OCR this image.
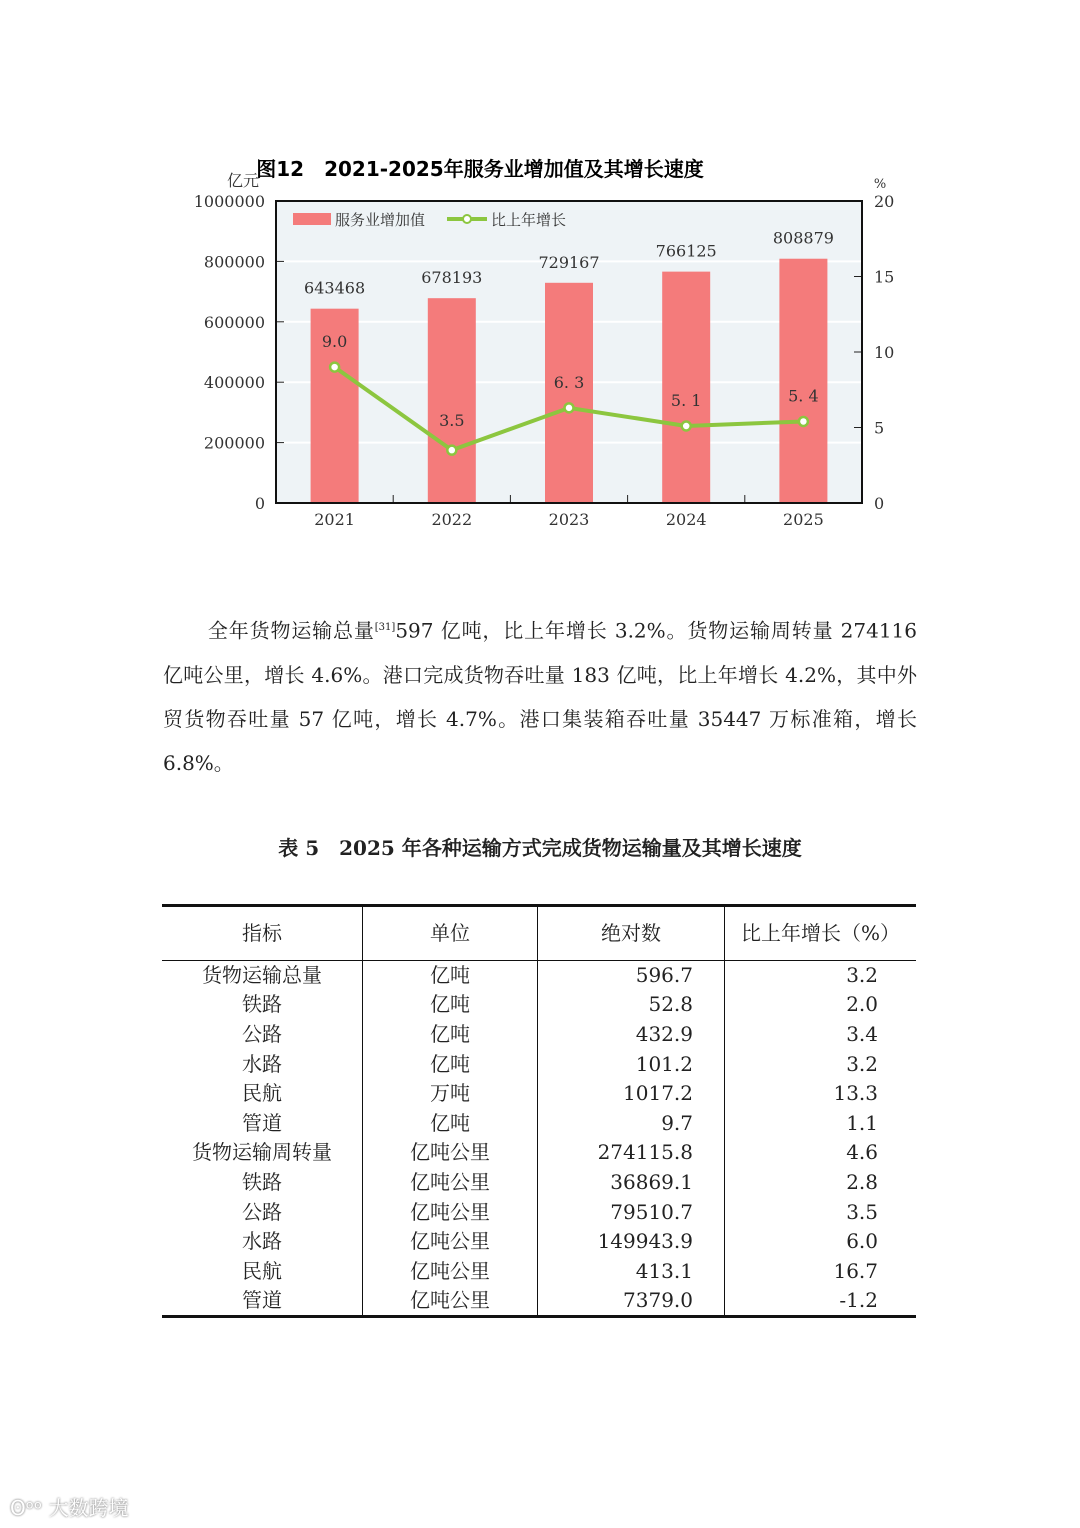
图12　2021-2025年服务业增加值及其增长速度
亿元	%
0
200000
400000
600000
800000
1000000
0
5
10
15
20
643468
2021
678193
2022
729167
2023
766125
2024
808879
2025
9.0
3.5
6. 3
5. 1	5. 4
服务业增加值	比上年增长
全年货物运输总量[31]597 亿吨，比上年增长 3.2%。货物运输周转量 274116 亿吨公里，增长 4.6%。港口完成货物吞吐量 183 亿吨，比上年增长 4.2%，其中外贸货物吞吐量 57 亿吨，增长 4.7%。港口集装箱吞吐量 35447 万标准箱，增长 6.8%。
表 5　2025 年各种运输方式完成货物运输量及其增长速度
指标	单位	绝对数	比上年增长（%）
货物运输总量	亿吨	596.7	3.2
铁路	亿吨	52.8	2.0
公路	亿吨	432.9	3.4
水路	亿吨	101.2	3.2
民航	万吨	1017.2	13.3
管道	亿吨	9.7	1.1
货物运输周转量	亿吨公里	274115.8	4.6
铁路	亿吨公里	36869.1	2.8
公路	亿吨公里	79510.7	3.5
水路	亿吨公里	149943.9	6.0
民航	亿吨公里	413.1	16.7
管道	亿吨公里	7379.0	-1.2
ʘᵒᵒ 大数跨境
